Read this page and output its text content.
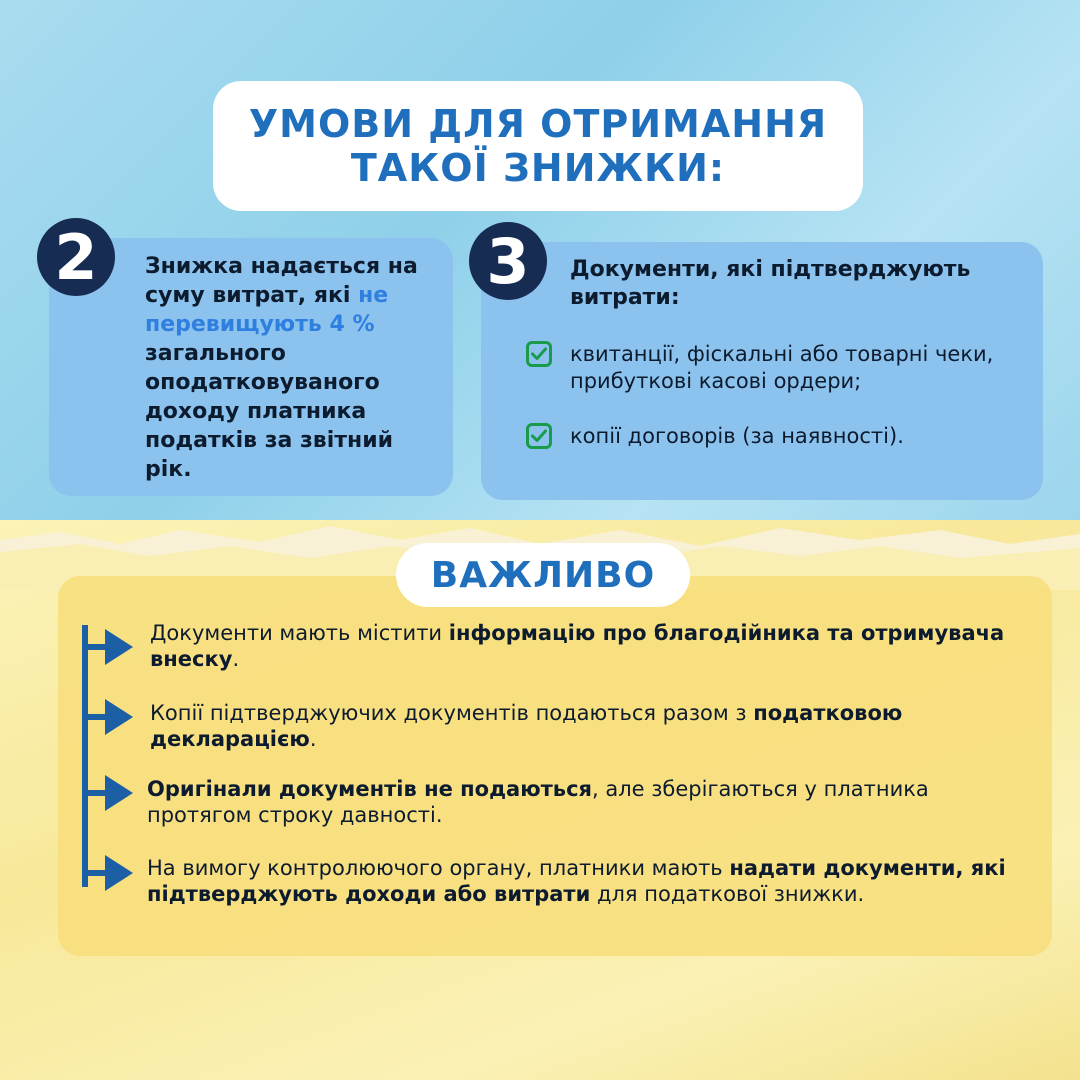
УМОВИ ДЛЯ ОТРИМАННЯ
ТАКОЇ ЗНИЖКИ:
2	Знижка надається на суму витрат, які не перевищують 4 % загального оподатковуваного доходу платника податків за звітний рік.
3	Документи, які підтверджують витрати:
квитанції, фіскальні або товарні чеки, прибуткові касові ордери;
копії договорів (за наявності).
ВАЖЛИВО
Документи мають містити інформацію про благодійника та отримувача внеску.
Копії підтверджуючих документів подаються разом з податковою декларацією.
Оригінали документів не подаються, але зберігаються у платника протягом строку давності.
На вимогу контролюючого органу, платники мають надати документи, які підтверджують доходи або витрати для податкової знижки.
